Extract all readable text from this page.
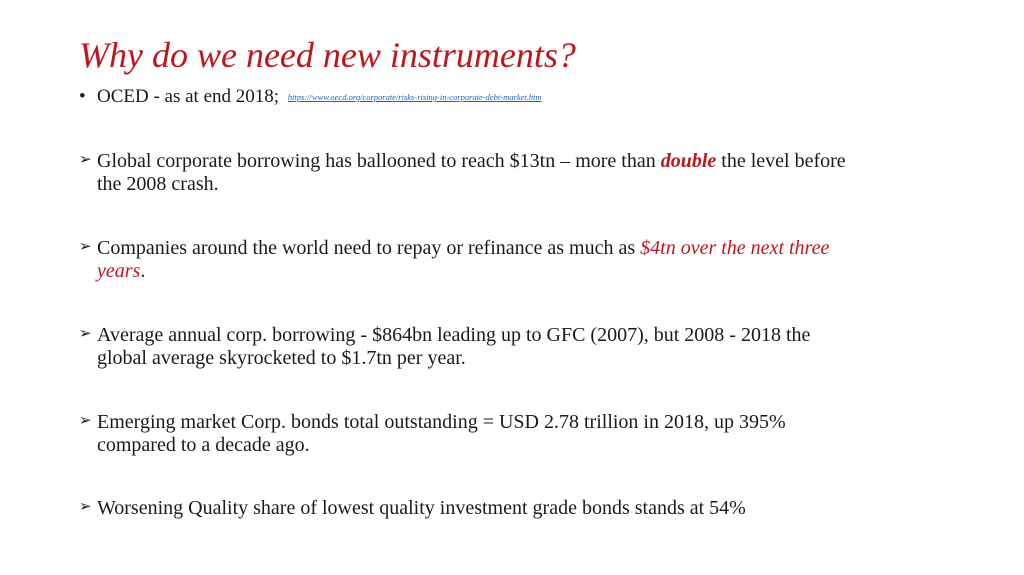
Why do we need new instruments?
• OCED - as at end 2018; https://www.oecd.org/corporate/risks-rising-in-corporate-debt-market.htm
➢ Global corporate borrowing has ballooned to reach $13tn – more than double the level before
the 2008 crash.
➢ Companies around the world need to repay or refinance as much as $4tn over the next three
years.
➢ Average annual corp. borrowing - $864bn leading up to GFC (2007), but 2008 - 2018 the
global average skyrocketed to $1.7tn per year.
➢ Emerging market Corp. bonds total outstanding = USD 2.78 trillion in 2018, up 395%
compared to a decade ago.
➢ Worsening Quality share of lowest quality investment grade bonds stands at 54%
